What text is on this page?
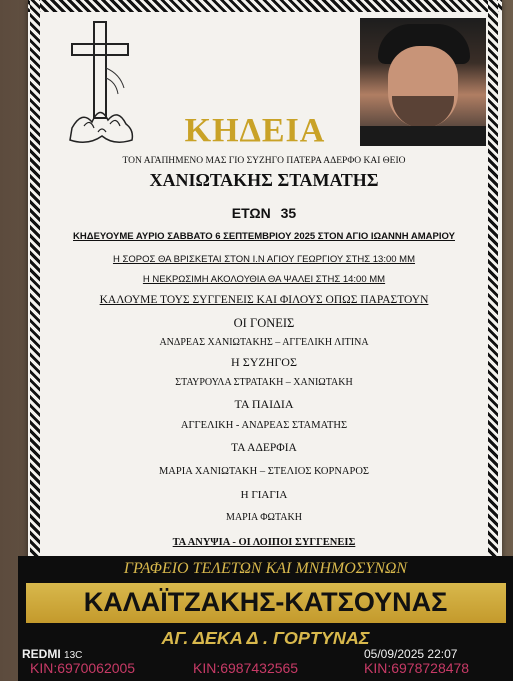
ΚΗΔΕΙΑ
ΤΟΝ ΑΓΑΠΗΜΕΝΟ ΜΑΣ ΓΙΟ ΣΥΖΗΓΟ ΠΑΤΕΡΑ ΑΔΕΡΦΟ ΚΑΙ ΘΕΙΟ
ΧΑΝΙΩΤΑΚΗΣ ΣΤΑΜΑΤΗΣ
ΕΤΩΝ 35
ΚΗΔΕΥΟΥΜΕ ΑΥΡΙΟ ΣΑΒΒΑΤΟ 6 ΣΕΠΤΕΜΒΡΙΟΥ 2025 ΣΤΟΝ ΑΓΙΟ ΙΩΑΝΝΗ ΑΜΑΡΙΟΥ
Η ΣΟΡΟΣ ΘΑ ΒΡΙΣΚΕΤΑΙ ΣΤΟΝ Ι.Ν ΑΓΙΟΥ ΓΕΩΡΓΙΟΥ ΣΤΗΣ 13:00 ΜΜ
Η ΝΕΚΡΩΣΙΜΗ ΑΚΟΛΟΥΘΙΑ ΘΑ ΨΑΛΕΙ ΣΤΗΣ 14:00 ΜΜ
ΚΑΛΟΥΜΕ ΤΟΥΣ ΣΥΓΓΕΝΕΙΣ ΚΑΙ ΦΙΛΟΥΣ ΟΠΩΣ ΠΑΡΑΣΤΟΥΝ
ΟΙ ΓΟΝΕΙΣ
ΑΝΔΡΕΑΣ ΧΑΝΙΩΤΑΚΗΣ – ΑΓΓΕΛΙΚΗ ΛΙΤΙΝΑ
Η ΣΥΖΗΓΟΣ
ΣΤΑΥΡΟΥΛΑ ΣΤΡΑΤΑΚΗ – ΧΑΝΙΩΤΑΚΗ
ΤΑ ΠΑΙΔΙΑ
ΑΓΓΕΛΙΚΗ - ΑΝΔΡΕΑΣ ΣΤΑΜΑΤΗΣ
ΤΑ ΑΔΕΡΦΙΑ
ΜΑΡΙΑ ΧΑΝΙΩΤΑΚΗ – ΣΤΕΛΙΟΣ ΚΟΡΝΑΡΟΣ
Η ΓΙΑΓΙΑ
ΜΑΡΙΑ ΦΩΤΑΚΗ
ΤΑ ΑΝΥΨΙΑ - ΟΙ ΛΟΙΠΟΙ ΣΥΓΓΕΝΕΙΣ
ΓΡΑΦΕΙΟ ΤΕΛΕΤΩΝ ΚΑΙ ΜΝΗΜΟΣΥΝΩΝ
ΚΑΛΑΪΤΖΑΚΗΣ-ΚΑΤΣΟΥΝΑΣ
ΑΓ. ΔΕΚΑ Δ . ΓΟΡΤΥΝΑΣ
KIN:6970062005	KIN:6987432565	KIN:6978728478
REDMI 13C	05/09/2025 22:07
